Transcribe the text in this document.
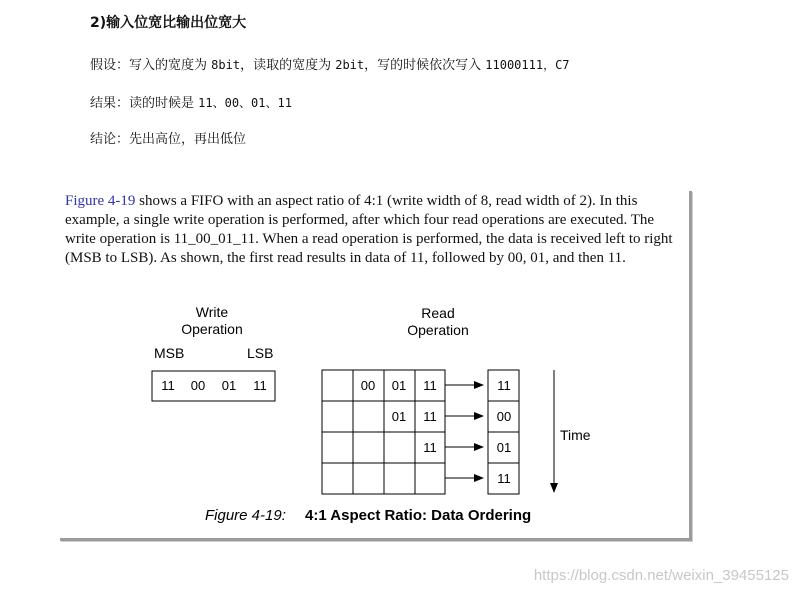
2)输入位宽比输出位宽大
假设：写入的宽度为 8bit，读取的宽度为 2bit，写的时候依次写入 11000111，C7
结果：读的时候是 11、00、01、11
结论：先出高位，再出低位
Figure 4-19 shows a FIFO with an aspect ratio of 4:1 (write width of 8, read width of 2). In this example, a single write operation is performed, after which four read operations are executed. The write operation is 11_00_01_11. When a read operation is performed, the data is received left to right (MSB to LSB). As shown, the first read results in data of 11, followed by 00, 01, and then 11.
Write
Operation
Read
Operation
MSB	LSB
11 00 01 11	00 01 11
01 11
11
11
00
01
11
Time
Figure 4-19: 4:1 Aspect Ratio: Data Ordering
https://blog.csdn.net/weixin_39455125
